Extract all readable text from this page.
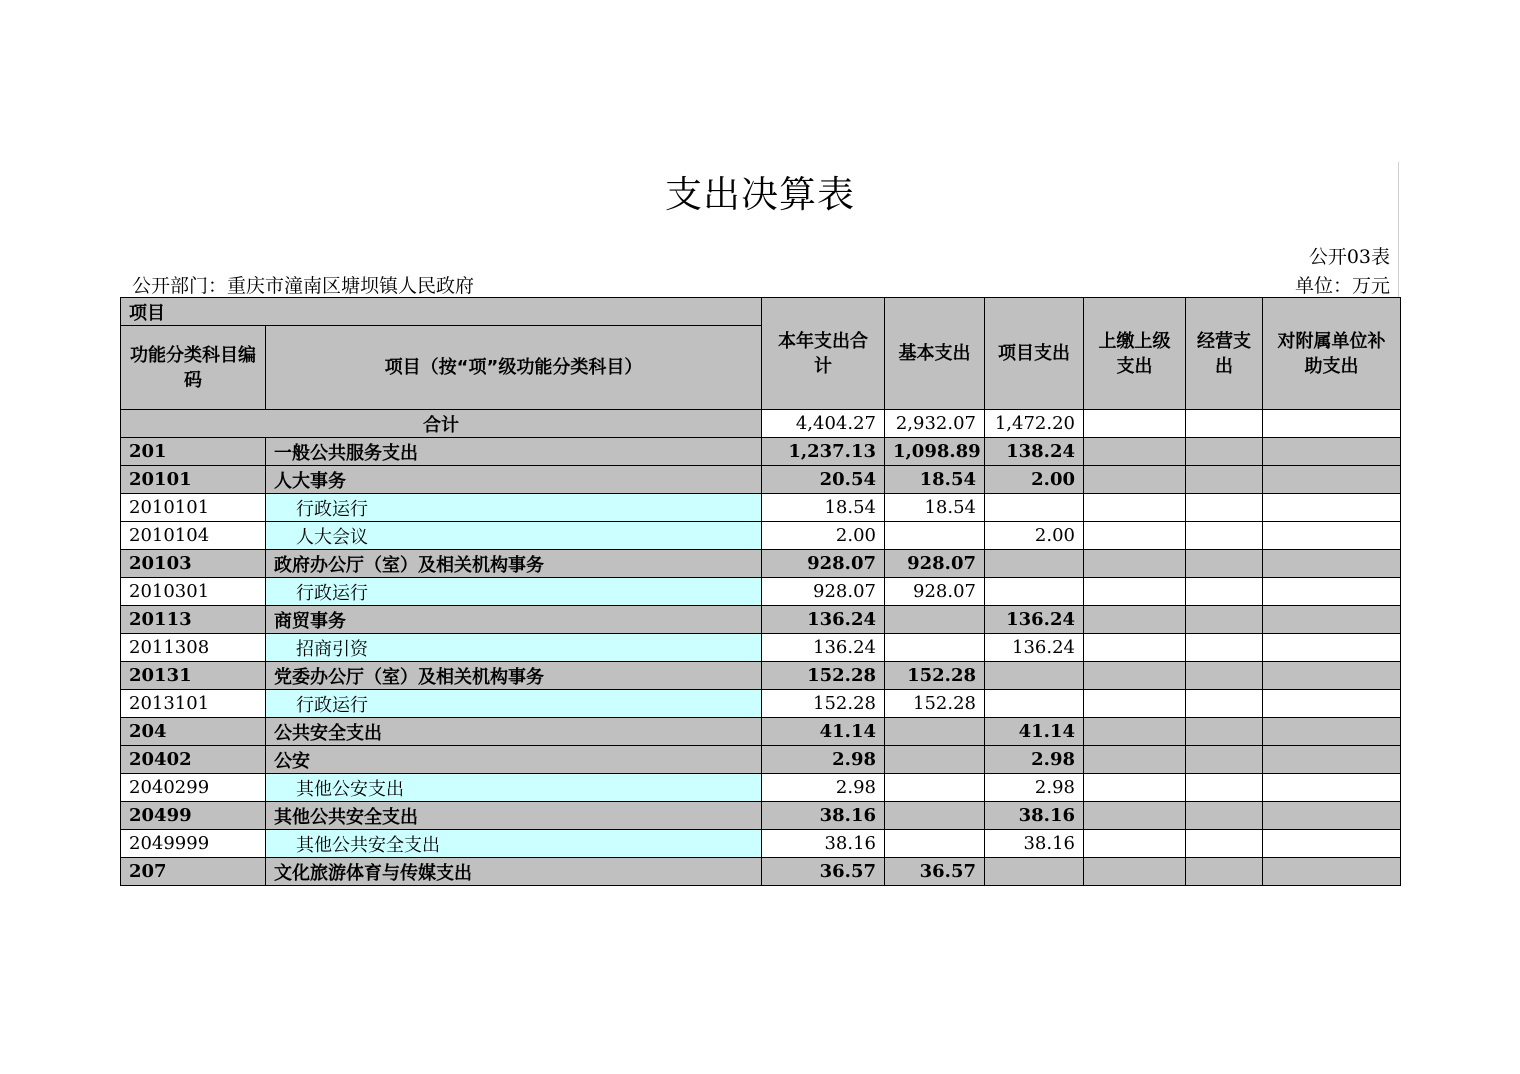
支出决算表
公开03表
公开部门：重庆市潼南区塘坝镇人民政府	单位：万元
项目		本年支出合计	基本支出	项目支出	上缴上级支出	经营支出	对附属单位补助支出
功能分类科目编码	项目（按“项”级功能分类科目）						
合计		4,404.27	2,932.07	1,472.20			
201	一般公共服务支出	1,237.13	1,098.89	138.24			
20101	人大事务	20.54	18.54	2.00			
2010101	行政运行	18.54	18.54				
2010104	人大会议	2.00		2.00			
20103	政府办公厅（室）及相关机构事务	928.07	928.07				
2010301	行政运行	928.07	928.07				
20113	商贸事务	136.24		136.24			
2011308	招商引资	136.24		136.24			
20131	党委办公厅（室）及相关机构事务	152.28	152.28				
2013101	行政运行	152.28	152.28				
204	公共安全支出	41.14		41.14			
20402	公安	2.98		2.98			
2040299	其他公安支出	2.98		2.98			
20499	其他公共安全支出	38.16		38.16			
2049999	其他公共安全支出	38.16		38.16			
207	文化旅游体育与传媒支出	36.57	36.57				
